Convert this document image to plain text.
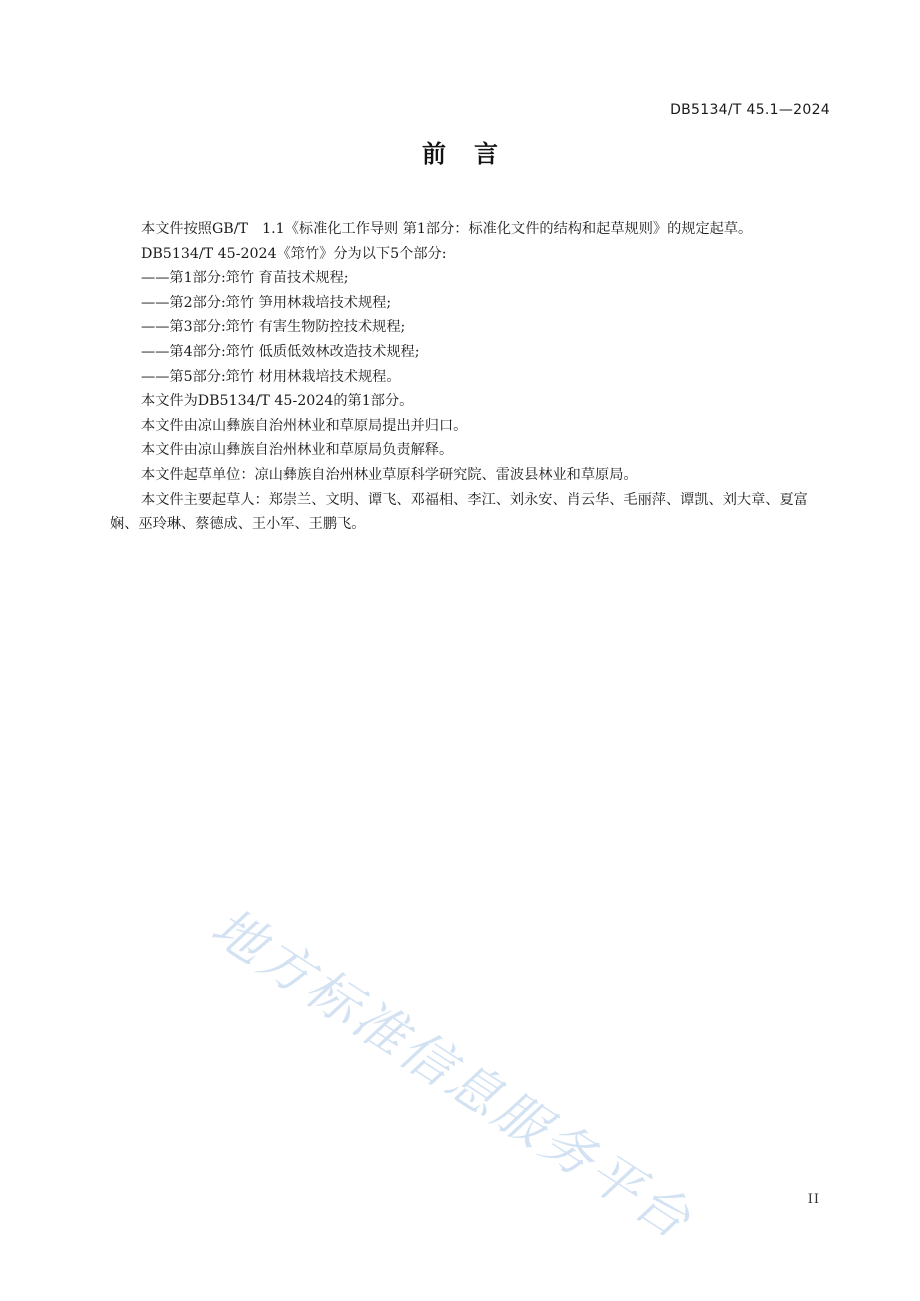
DB5134/T 45.1—2024
前言

本文件按照GB/T　1.1《标准化工作导则 第1部分：标准化文件的结构和起草规则》的规定起草。

DB5134/T 45-2024《筇竹》分为以下5个部分:

——第1部分:筇竹 育苗技术规程;

——第2部分:筇竹 笋用林栽培技术规程;

——第3部分:筇竹 有害生物防控技术规程;

——第4部分:筇竹 低质低效林改造技术规程;

——第5部分:筇竹 材用林栽培技术规程。

本文件为DB5134/T 45-2024的第1部分。

本文件由凉山彝族自治州林业和草原局提出并归口。

本文件由凉山彝族自治州林业和草原局负责解释。

本文件起草单位：凉山彝族自治州林业草原科学研究院、雷波县林业和草原局。

本文件主要起草人：郑崇兰、文明、谭飞、邓福相、李江、刘永安、肖云华、毛丽萍、谭凯、刘大章、夏富娴、巫玲琳、蔡德成、王小军、王鹏飞。

地方标准信息服务平台	II
